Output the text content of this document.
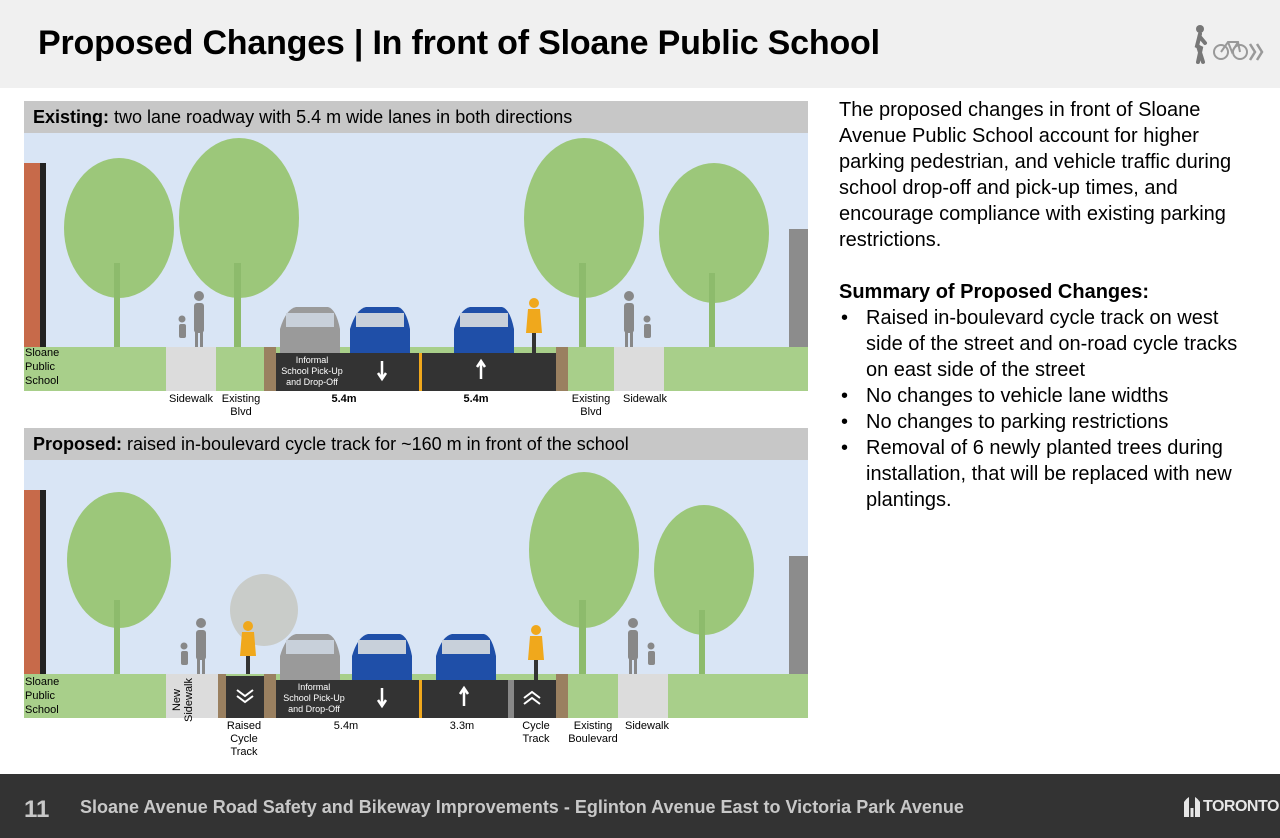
Proposed Changes | In front of Sloane Public School
Existing: two lane roadway with 5.4 m wide lanes in both directions
Sloane
Public
School
Informal
School Pick-Up
and Drop-Off
Sidewalk Existing
Blvd
5.4m	5.4m	Existing
Blvd
Sidewalk
Proposed: raised in-boulevard cycle track for ~160 m in front of the school
Sloane
Public
School
Informal
School Pick-Up
and Drop-Off
New Sidewalk
Raised
Cycle
Track
5.4m	3.3m	Cycle
Track
Existing
Boulevard
Sidewalk

The proposed changes in front of Sloane Avenue Public School account for higher parking pedestrian, and vehicle traffic during school drop-off and pick-up times, and encourage compliance with existing parking restrictions.

Summary of Proposed Changes:

• Raised in-boulevard cycle track on west side of the street and on-road cycle tracks on east side of the street
• No changes to vehicle lane widths
• No changes to parking restrictions
• Removal of 6 newly planted trees during installation, that will be replaced with new plantings.
11 Sloane Avenue Road Safety and Bikeway Improvements - Eglinton Avenue East to Victoria Park Avenue	TORONTO
